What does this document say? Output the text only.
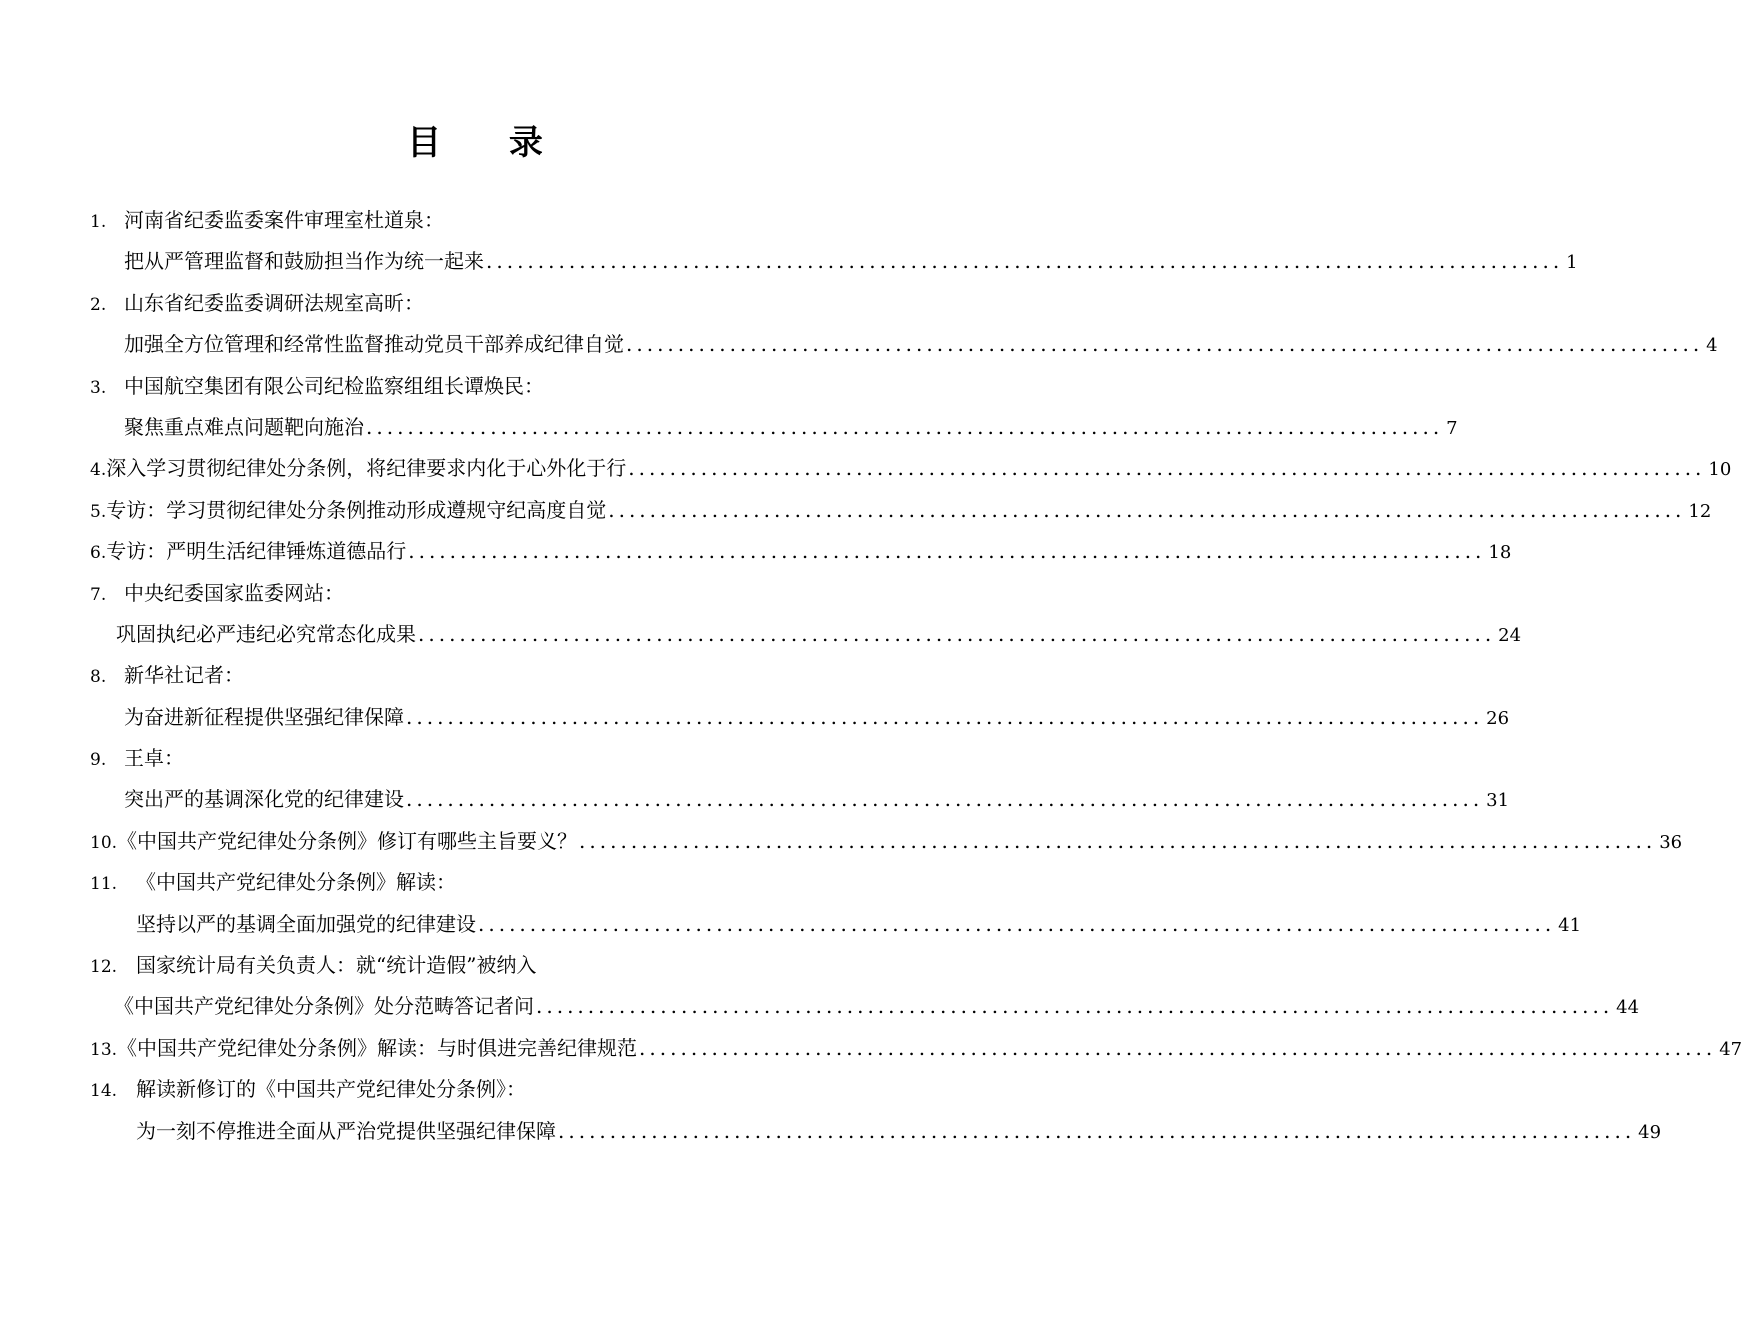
目 录
1. 河南省纪委监委案件审理室杜道泉：
把从严管理监督和鼓励担当作为统一起来 ........................................................................................................ 1
2. 山东省纪委监委调研法规室高昕：
加强全方位管理和经常性监督推动党员干部养成纪律自觉 ........................................................................................................ 4
3. 中国航空集团有限公司纪检监察组组长谭焕民：
聚焦重点难点问题靶向施治 ........................................................................................................ 7
4. 深入学习贯彻纪律处分条例，将纪律要求内化于心外化于行 ........................................................................................................ 10
5. 专访：学习贯彻纪律处分条例推动形成遵规守纪高度自觉 ........................................................................................................ 12
6. 专访：严明生活纪律锤炼道德品行 ........................................................................................................ 18
7. 中央纪委国家监委网站：
巩固执纪必严违纪必究常态化成果 ........................................................................................................ 24
8. 新华社记者：
为奋进新征程提供坚强纪律保障 ........................................................................................................ 26
9. 王卓：
突出严的基调深化党的纪律建设 ........................................................................................................ 31
10. 《中国共产党纪律处分条例》修订有哪些主旨要义？ ........................................................................................................ 36
11. 《中国共产党纪律处分条例》解读：
坚持以严的基调全面加强党的纪律建设 ........................................................................................................ 41
12. 国家统计局有关负责人：就“统计造假”被纳入
《中国共产党纪律处分条例》处分范畴答记者问 ........................................................................................................ 44
13. 《中国共产党纪律处分条例》解读：与时俱进完善纪律规范 ........................................................................................................ 47
14. 解读新修订的《中国共产党纪律处分条例》：
为一刻不停推进全面从严治党提供坚强纪律保障 ........................................................................................................ 49
